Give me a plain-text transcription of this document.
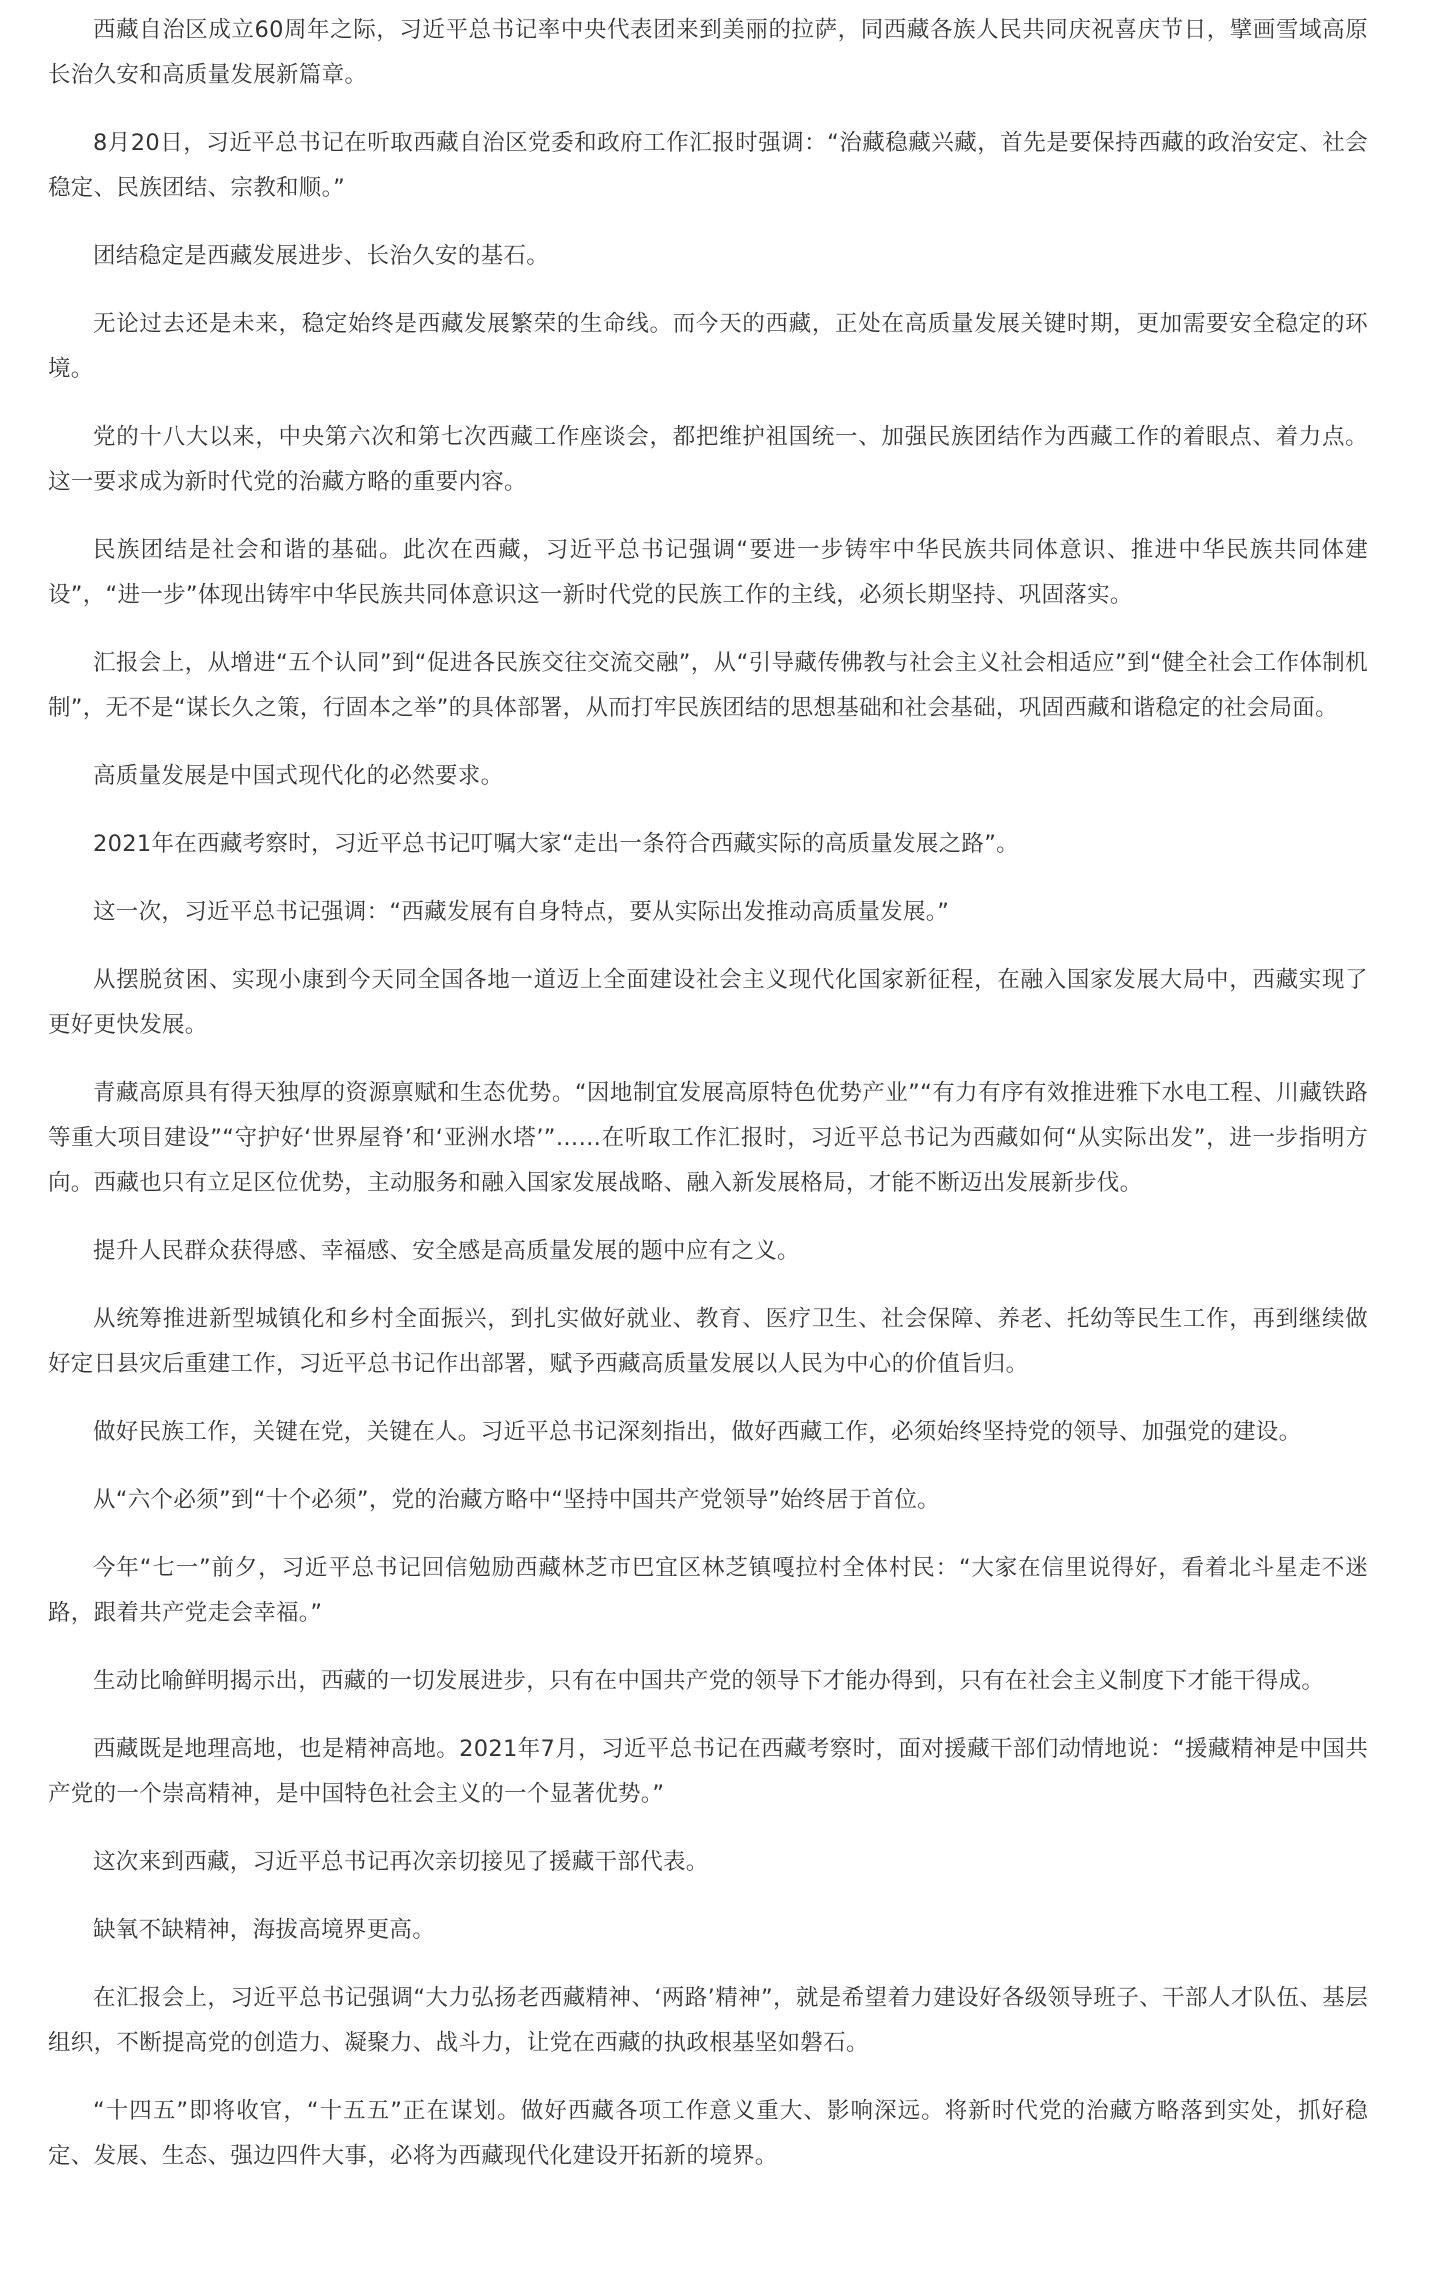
西藏自治区成立60周年之际，习近平总书记率中央代表团来到美丽的拉萨，同西藏各族人民共同庆祝喜庆节日，擘画雪域高原长治久安和高质量发展新篇章。

8月20日，习近平总书记在听取西藏自治区党委和政府工作汇报时强调：“治藏稳藏兴藏，首先是要保持西藏的政治安定、社会稳定、民族团结、宗教和顺。”

团结稳定是西藏发展进步、长治久安的基石。

无论过去还是未来，稳定始终是西藏发展繁荣的生命线。而今天的西藏，正处在高质量发展关键时期，更加需要安全稳定的环境。

党的十八大以来，中央第六次和第七次西藏工作座谈会，都把维护祖国统一、加强民族团结作为西藏工作的着眼点、着力点。这一要求成为新时代党的治藏方略的重要内容。

民族团结是社会和谐的基础。此次在西藏，习近平总书记强调“要进一步铸牢中华民族共同体意识、推进中华民族共同体建设”，“进一步”体现出铸牢中华民族共同体意识这一新时代党的民族工作的主线，必须长期坚持、巩固落实。

汇报会上，从增进“五个认同”到“促进各民族交往交流交融”，从“引导藏传佛教与社会主义社会相适应”到“健全社会工作体制机制”，无不是“谋长久之策，行固本之举”的具体部署，从而打牢民族团结的思想基础和社会基础，巩固西藏和谐稳定的社会局面。

高质量发展是中国式现代化的必然要求。

2021年在西藏考察时，习近平总书记叮嘱大家“走出一条符合西藏实际的高质量发展之路”。

这一次，习近平总书记强调：“西藏发展有自身特点，要从实际出发推动高质量发展。”

从摆脱贫困、实现小康到今天同全国各地一道迈上全面建设社会主义现代化国家新征程，在融入国家发展大局中，西藏实现了更好更快发展。

青藏高原具有得天独厚的资源禀赋和生态优势。“因地制宜发展高原特色优势产业”“有力有序有效推进雅下水电工程、川藏铁路等重大项目建设”“守护好‘世界屋脊’和‘亚洲水塔’”……在听取工作汇报时，习近平总书记为西藏如何“从实际出发”，进一步指明方向。西藏也只有立足区位优势，主动服务和融入国家发展战略、融入新发展格局，才能不断迈出发展新步伐。

提升人民群众获得感、幸福感、安全感是高质量发展的题中应有之义。

从统筹推进新型城镇化和乡村全面振兴，到扎实做好就业、教育、医疗卫生、社会保障、养老、托幼等民生工作，再到继续做好定日县灾后重建工作，习近平总书记作出部署，赋予西藏高质量发展以人民为中心的价值旨归。

做好民族工作，关键在党，关键在人。习近平总书记深刻指出，做好西藏工作，必须始终坚持党的领导、加强党的建设。

从“六个必须”到“十个必须”，党的治藏方略中“坚持中国共产党领导”始终居于首位。

今年“七一”前夕，习近平总书记回信勉励西藏林芝市巴宜区林芝镇嘎拉村全体村民：“大家在信里说得好，看着北斗星走不迷路，跟着共产党走会幸福。”

生动比喻鲜明揭示出，西藏的一切发展进步，只有在中国共产党的领导下才能办得到，只有在社会主义制度下才能干得成。

西藏既是地理高地，也是精神高地。2021年7月，习近平总书记在西藏考察时，面对援藏干部们动情地说：“援藏精神是中国共产党的一个崇高精神，是中国特色社会主义的一个显著优势。”

这次来到西藏，习近平总书记再次亲切接见了援藏干部代表。

缺氧不缺精神，海拔高境界更高。

在汇报会上，习近平总书记强调“大力弘扬老西藏精神、‘两路’精神”，就是希望着力建设好各级领导班子、干部人才队伍、基层组织，不断提高党的创造力、凝聚力、战斗力，让党在西藏的执政根基坚如磐石。

“十四五”即将收官，“十五五”正在谋划。做好西藏各项工作意义重大、影响深远。将新时代党的治藏方略落到实处，抓好稳定、发展、生态、强边四件大事，必将为西藏现代化建设开拓新的境界。
